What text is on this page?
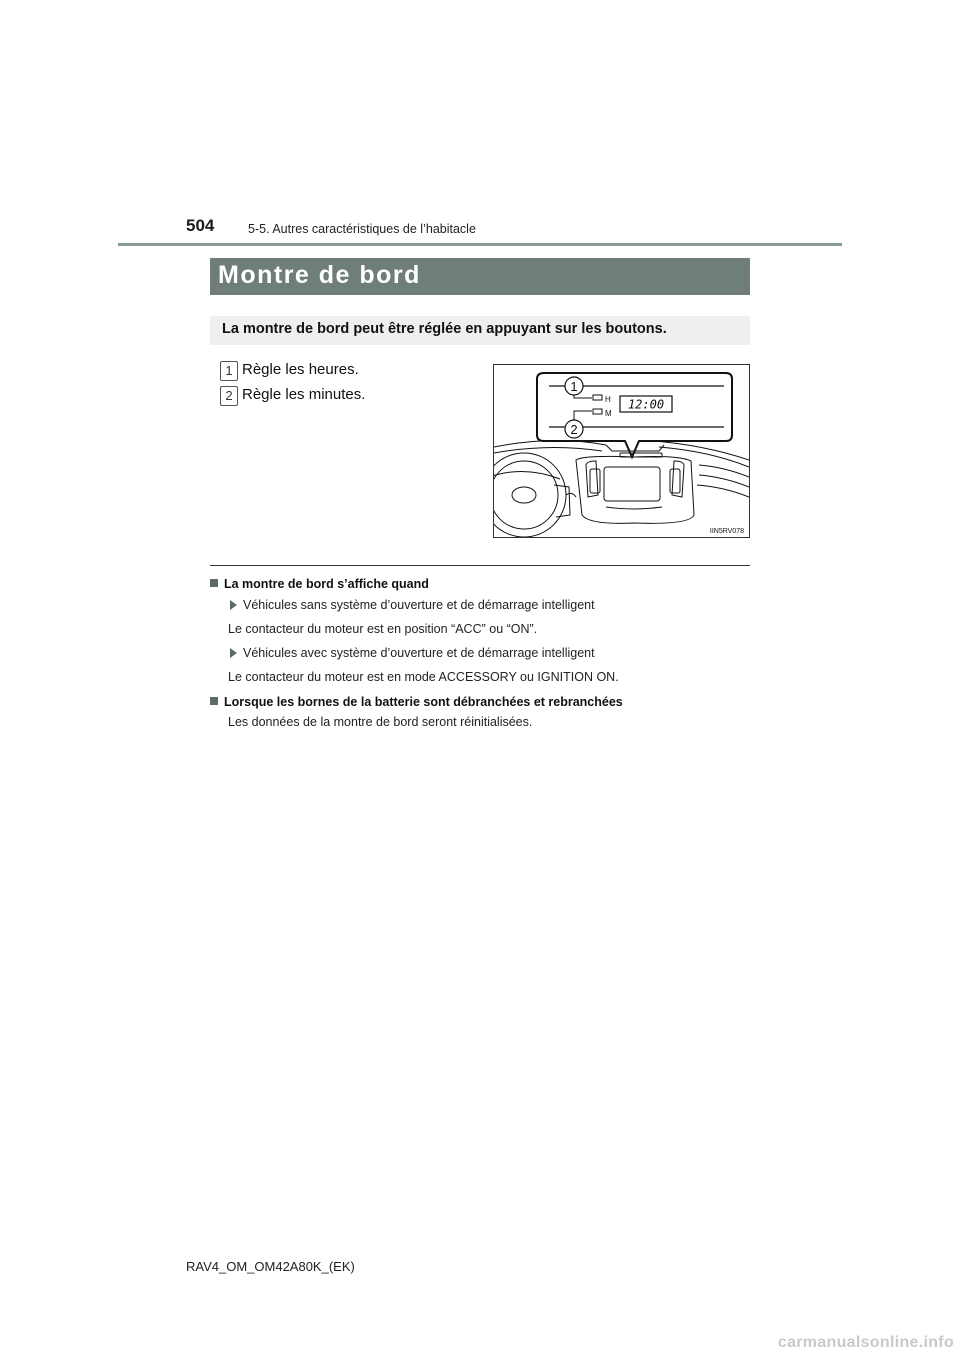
504	5-5. Autres caractéristiques de l’habitacle
Montre de bord
La montre de bord peut être réglée en appuyant sur les boutons.
1 Règle les heures.
2 Règle les minutes.	H
M
12:00
1
2
IIN5RV078
La montre de bord s’affiche quand
Véhicules sans système d’ouverture et de démarrage intelligent
Le contacteur du moteur est en position “ACC” ou “ON”.
Véhicules avec système d’ouverture et de démarrage intelligent
Le contacteur du moteur est en mode ACCESSORY ou IGNITION ON.
Lorsque les bornes de la batterie sont débranchées et rebranchées
Les données de la montre de bord seront réinitialisées.
RAV4_OM_OM42A80K_(EK)
carmanualsonline.info
